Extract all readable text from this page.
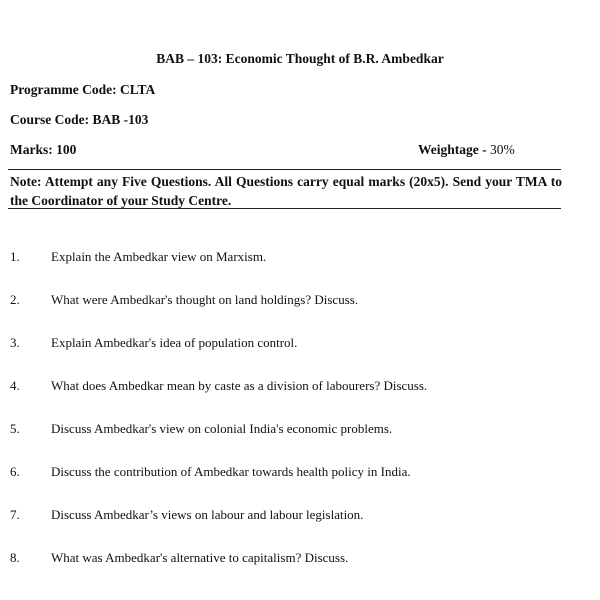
BAB – 103: Economic Thought of B.R. Ambedkar
Programme Code: CLTA
Course Code: BAB -103
Marks: 100	Weightage - 30%
Note: Attempt any Five Questions. All Questions carry equal marks (20x5). Send your TMA to the Coordinator of your Study Centre.
1. Explain the Ambedkar view on Marxism.
2. What were Ambedkar's thought on land holdings? Discuss.
3. Explain Ambedkar's idea of population control.
4. What does Ambedkar mean by caste as a division of labourers? Discuss.
5. Discuss Ambedkar's view on colonial India's economic problems.
6. Discuss the contribution of Ambedkar towards health policy in India.
7. Discuss Ambedkar’s views on labour and labour legislation.
8. What was Ambedkar's alternative to capitalism? Discuss.
